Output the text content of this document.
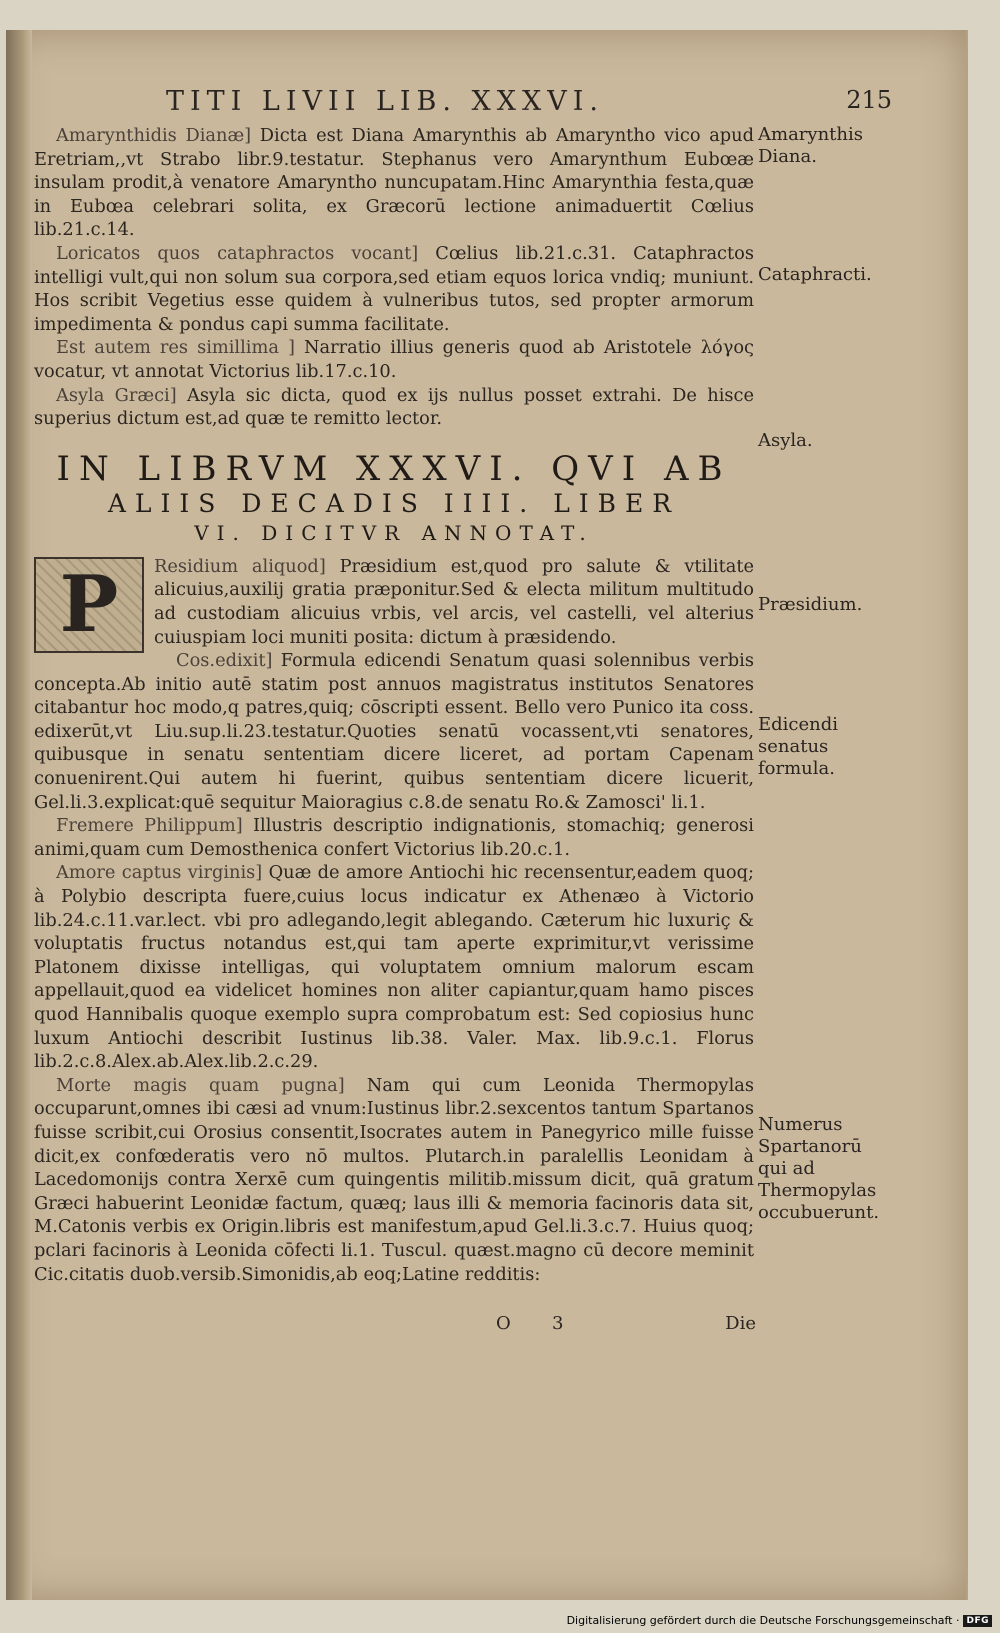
TITI LIVII LIB. XXXVI.	215

Amarynthidis Dianæ] Dicta est Diana Amarynthis ab Amaryntho vico apud Eretriam,,vt Strabo libr.9.testatur. Stephanus vero Amarynthum Eubœæ insulam prodit,à venatore Amaryntho nuncupatam.Hinc Amarynthia festa,quæ in Eubœa celebrari solita, ex Græcorū lectione animaduertit Cœlius lib.21.c.14.

Loricatos quos cataphractos vocant] Cœlius lib.21.c.31. Cataphractos intelligi vult,qui non solum sua corpora,sed etiam equos lorica vndiq; muniunt. Hos scribit Vegetius esse quidem à vulneribus tutos, sed propter armorum impedimenta & pondus capi summa facilitate.

Est autem res simillima ] Narratio illius generis quod ab Aristotele λόγος vocatur, vt annotat Victorius lib.17.c.10.

Asyla Græci] Asyla sic dicta, quod ex ijs nullus posset extrahi. De hisce superius dictum est,ad quæ te remitto lector.

IN LIBRVM XXXVI. QVI AB
ALIIS DECADIS IIII. LIBER
VI. DICITVR ANNOTAT.
P	Residium aliquod] Præsidium est,quod pro salute & vtilitate alicuius,auxilij gratia præponitur.Sed & electa militum multitudo ad custodiam alicuius vrbis, vel arcis, vel castelli, vel alterius cuiuspiam loci muniti posita: dictum à præsidendo.

Cos.edixit] Formula edicendi Senatum quasi solennibus verbis concepta.Ab initio autē statim post annuos magistratus institutos Senatores citabantur hoc modo,q patres,quiq; cōscripti essent. Bello vero Punico ita coss. edixerūt,vt Liu.sup.li.23.testatur.Quoties senatū vocassent,vti senatores, quibusque in senatu sententiam dicere liceret, ad portam Capenam conuenirent.Qui autem hi fuerint, quibus sententiam dicere licuerit, Gel.li.3.explicat:quē sequitur Maioragius c.8.de senatu Ro.& Zamosci' li.1.

Fremere Philippum] Illustris descriptio indignationis, stomachiq; generosi animi,quam cum Demosthenica confert Victorius lib.20.c.1.

Amore captus virginis] Quæ de amore Antiochi hic recensentur,eadem quoq; à Polybio descripta fuere,cuius locus indicatur ex Athenæo à Victorio lib.24.c.11.var.lect. vbi pro adlegando,legit ablegando. Cæterum hic luxuriç & voluptatis fructus notandus est,qui tam aperte exprimitur,vt verissime Platonem dixisse intelligas, qui voluptatem omnium malorum escam appellauit,quod ea videlicet homines non aliter capiantur,quam hamo pisces quod Hannibalis quoque exemplo supra comprobatum est: Sed copiosius hunc luxum Antiochi describit Iustinus lib.38. Valer. Max. lib.9.c.1. Florus lib.2.c.8.Alex.ab.Alex.lib.2.c.29.

Morte magis quam pugna] Nam qui cum Leonida Thermopylas occuparunt,omnes ibi cæsi ad vnum:Iustinus libr.2.sexcentos tantum Spartanos fuisse scribit,cui Orosius consentit,Isocrates autem in Panegyrico mille fuisse dicit,ex confœderatis vero nō multos. Plutarch.in paralellis Leonidam à Lacedomonijs contra Xerxē cum quingentis militib.missum dicit, quā gratum Græci habuerint Leonidæ factum, quæq; laus illi & memoria facinoris data sit, M.Catonis verbis ex Origin.libris est manifestum,apud Gel.li.3.c.7. Huius quoq; pclari facinoris à Leonida cōfecti li.1. Tuscul. quæst.magno cū decore meminit Cic.citatis duob.versib.Simonidis,ab eoq;Latine redditis:

Amarynthis Diana.
Cataphracti.
Asyla.
Præsidium.
Edicendi senatus formula.
Numerus Spartanorū qui ad Thermopylas occubuerunt.
O 3	Die
Digitalisierung gefördert durch die Deutsche Forschungsgemeinschaft · DFG
